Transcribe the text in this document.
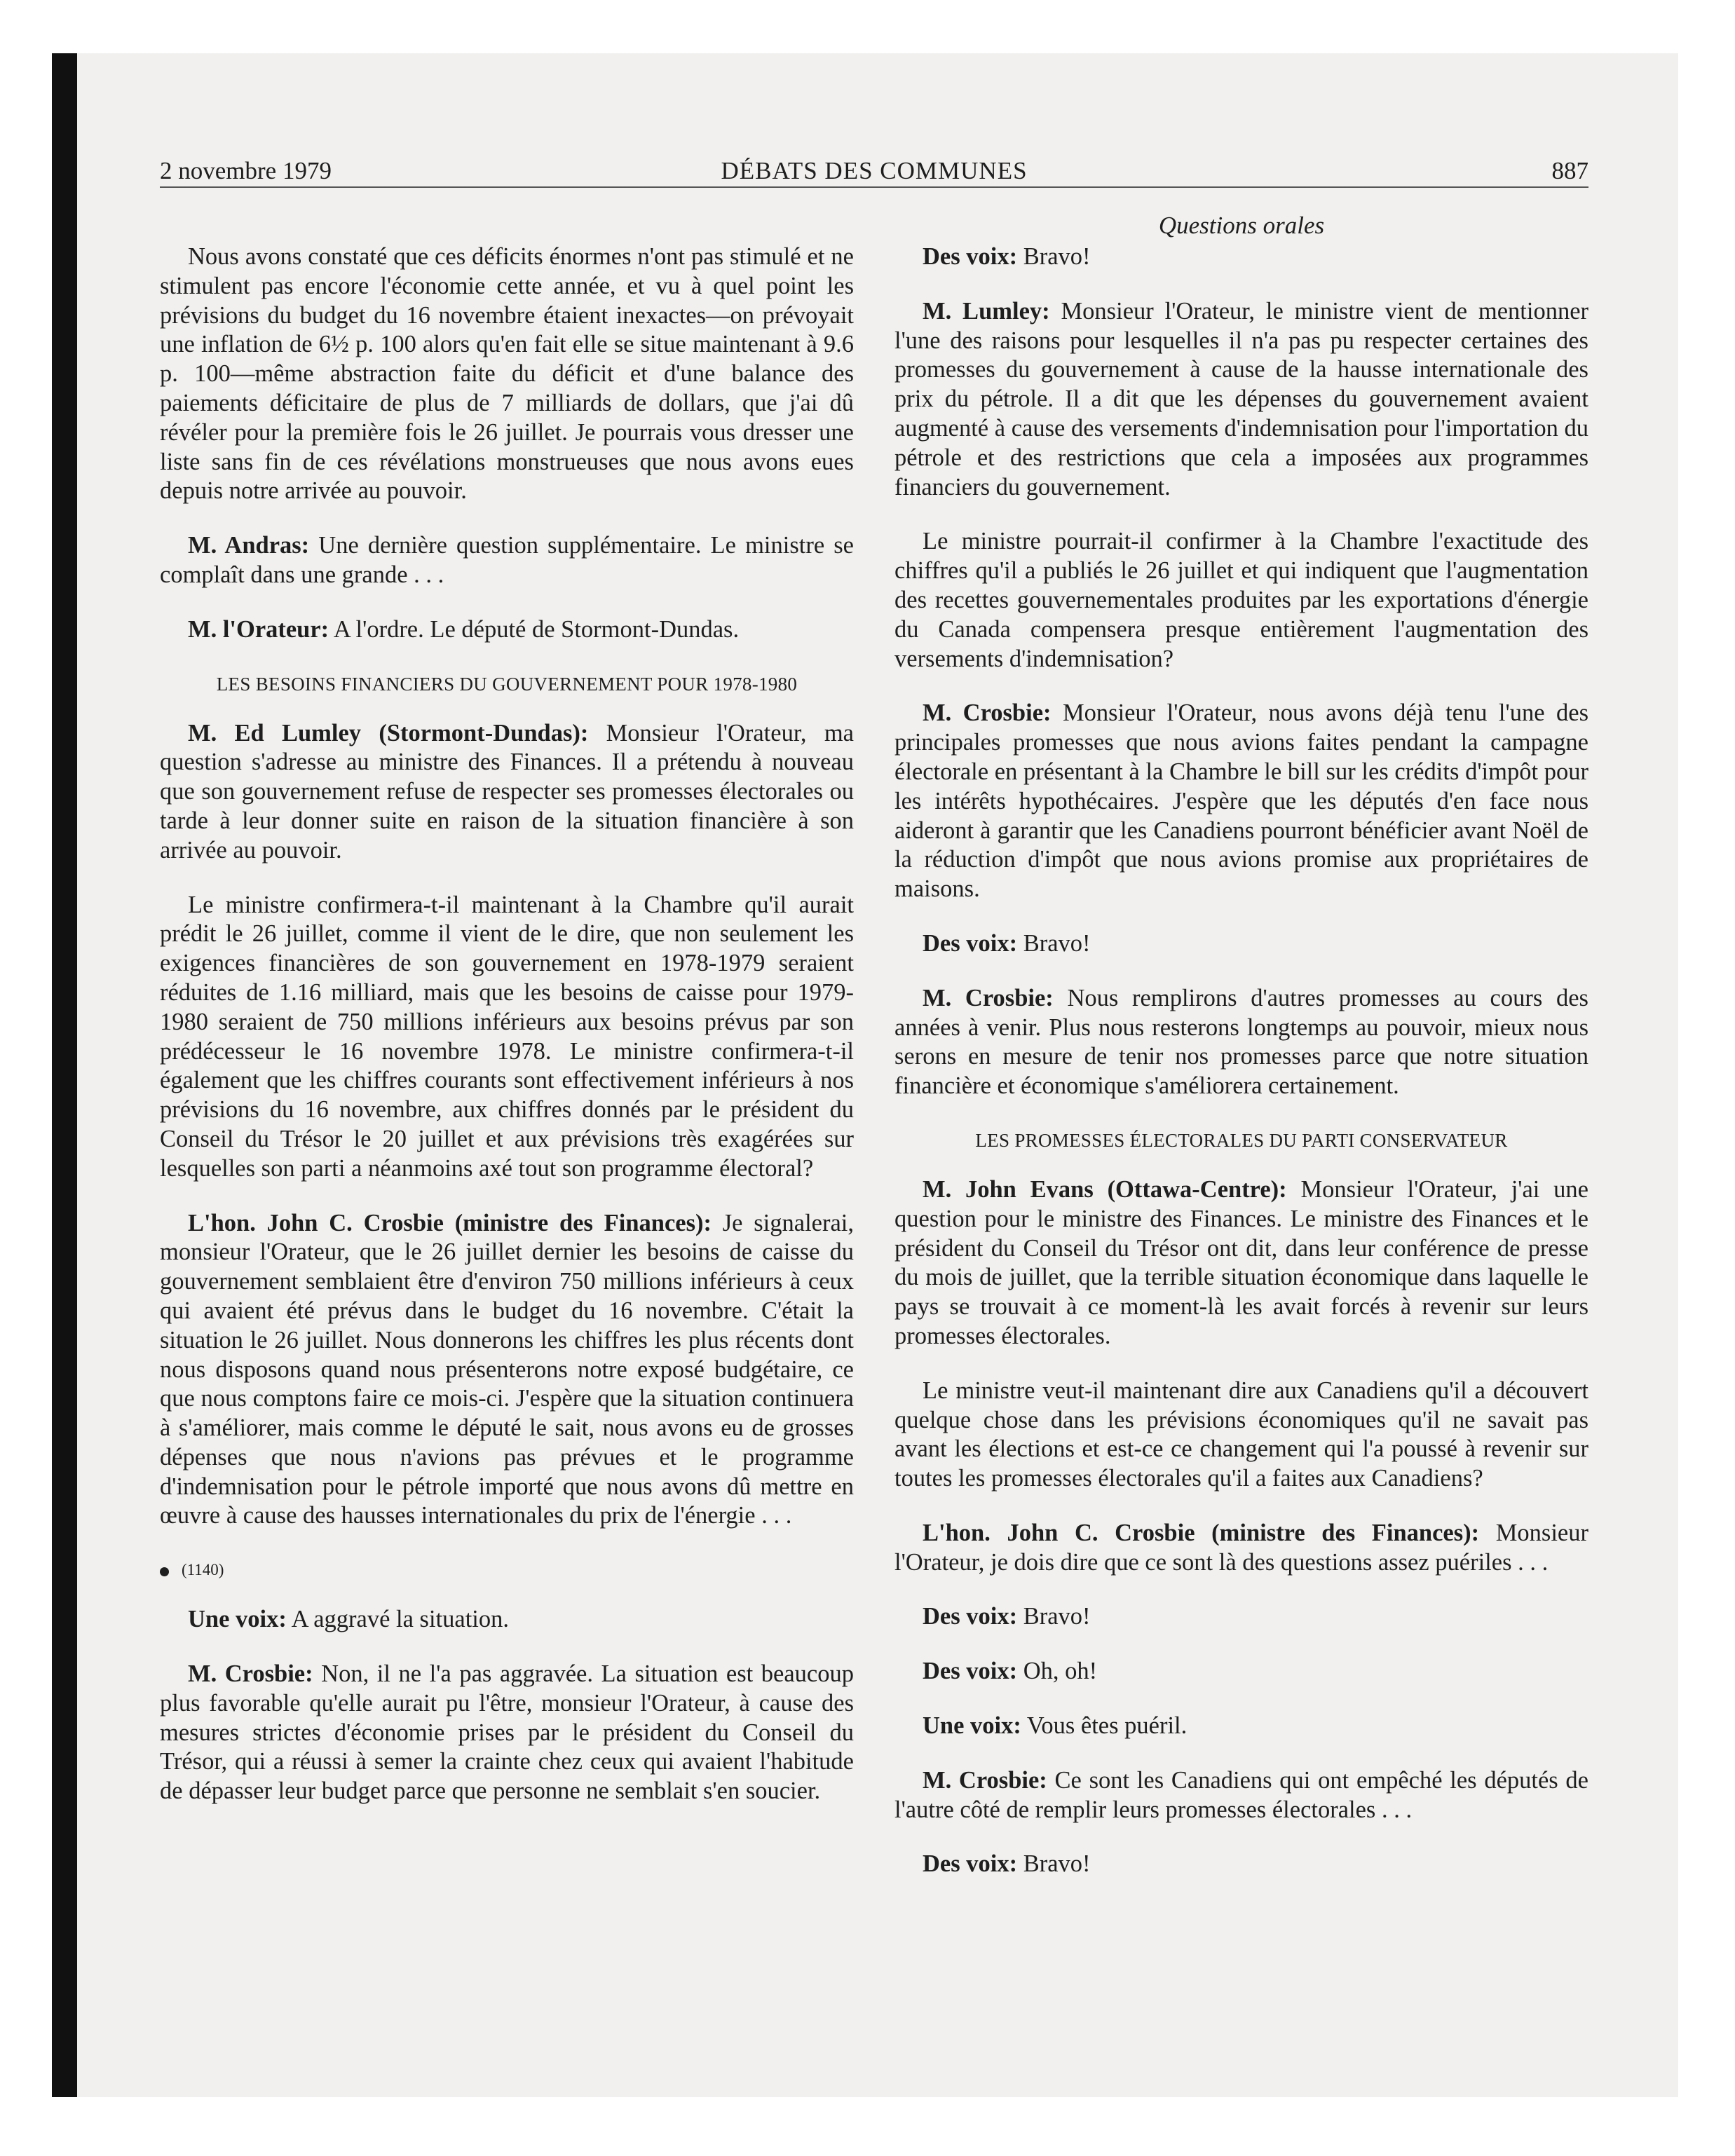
2 novembre 1979	DÉBATS DES COMMUNES	887
Questions orales

Nous avons constaté que ces déficits énormes n'ont pas stimulé et ne stimulent pas encore l'économie cette année, et vu à quel point les prévisions du budget du 16 novembre étaient inexactes—on prévoyait une inflation de 6½ p. 100 alors qu'en fait elle se situe maintenant à 9.6 p. 100—même abstraction faite du déficit et d'une balance des paiements déficitaire de plus de 7 milliards de dollars, que j'ai dû révéler pour la première fois le 26 juillet. Je pourrais vous dresser une liste sans fin de ces révélations monstrueuses que nous avons eues depuis notre arrivée au pouvoir.

M. Andras: Une dernière question supplémentaire. Le ministre se complaît dans une grande . . .

M. l'Orateur: A l'ordre. Le député de Stormont-Dundas.

LES BESOINS FINANCIERS DU GOUVERNEMENT POUR 1978-1980

M. Ed Lumley (Stormont-Dundas): Monsieur l'Orateur, ma question s'adresse au ministre des Finances. Il a prétendu à nouveau que son gouvernement refuse de respecter ses promesses électorales ou tarde à leur donner suite en raison de la situation financière à son arrivée au pouvoir.

Le ministre confirmera-t-il maintenant à la Chambre qu'il aurait prédit le 26 juillet, comme il vient de le dire, que non seulement les exigences financières de son gouvernement en 1978-1979 seraient réduites de 1.16 milliard, mais que les besoins de caisse pour 1979-1980 seraient de 750 millions inférieurs aux besoins prévus par son prédécesseur le 16 novembre 1978. Le ministre confirmera-t-il également que les chiffres courants sont effectivement inférieurs à nos prévisions du 16 novembre, aux chiffres donnés par le président du Conseil du Trésor le 20 juillet et aux prévisions très exagérées sur lesquelles son parti a néanmoins axé tout son programme électoral?

L'hon. John C. Crosbie (ministre des Finances): Je signalerai, monsieur l'Orateur, que le 26 juillet dernier les besoins de caisse du gouvernement semblaient être d'environ 750 millions inférieurs à ceux qui avaient été prévus dans le budget du 16 novembre. C'était la situation le 26 juillet. Nous donnerons les chiffres les plus récents dont nous disposons quand nous présenterons notre exposé budgétaire, ce que nous comptons faire ce mois-ci. J'espère que la situation continuera à s'améliorer, mais comme le député le sait, nous avons eu de grosses dépenses que nous n'avions pas prévues et le programme d'indemnisation pour le pétrole importé que nous avons dû mettre en œuvre à cause des hausses internationales du prix de l'énergie . . .

(1140)

Une voix: A aggravé la situation.

M. Crosbie: Non, il ne l'a pas aggravée. La situation est beaucoup plus favorable qu'elle aurait pu l'être, monsieur l'Orateur, à cause des mesures strictes d'économie prises par le président du Conseil du Trésor, qui a réussi à semer la crainte chez ceux qui avaient l'habitude de dépasser leur budget parce que personne ne semblait s'en soucier.

Des voix: Bravo!

M. Lumley: Monsieur l'Orateur, le ministre vient de mentionner l'une des raisons pour lesquelles il n'a pas pu respecter certaines des promesses du gouvernement à cause de la hausse internationale des prix du pétrole. Il a dit que les dépenses du gouvernement avaient augmenté à cause des versements d'indemnisation pour l'importation du pétrole et des restrictions que cela a imposées aux programmes financiers du gouvernement.

Le ministre pourrait-il confirmer à la Chambre l'exactitude des chiffres qu'il a publiés le 26 juillet et qui indiquent que l'augmentation des recettes gouvernementales produites par les exportations d'énergie du Canada compensera presque entièrement l'augmentation des versements d'indemnisation?

M. Crosbie: Monsieur l'Orateur, nous avons déjà tenu l'une des principales promesses que nous avions faites pendant la campagne électorale en présentant à la Chambre le bill sur les crédits d'impôt pour les intérêts hypothécaires. J'espère que les députés d'en face nous aideront à garantir que les Canadiens pourront bénéficier avant Noël de la réduction d'impôt que nous avions promise aux propriétaires de maisons.

Des voix: Bravo!

M. Crosbie: Nous remplirons d'autres promesses au cours des années à venir. Plus nous resterons longtemps au pouvoir, mieux nous serons en mesure de tenir nos promesses parce que notre situation financière et économique s'améliorera certainement.

LES PROMESSES ÉLECTORALES DU PARTI CONSERVATEUR

M. John Evans (Ottawa-Centre): Monsieur l'Orateur, j'ai une question pour le ministre des Finances. Le ministre des Finances et le président du Conseil du Trésor ont dit, dans leur conférence de presse du mois de juillet, que la terrible situation économique dans laquelle le pays se trouvait à ce moment-là les avait forcés à revenir sur leurs promesses électorales.

Le ministre veut-il maintenant dire aux Canadiens qu'il a découvert quelque chose dans les prévisions économiques qu'il ne savait pas avant les élections et est-ce ce changement qui l'a poussé à revenir sur toutes les promesses électorales qu'il a faites aux Canadiens?

L'hon. John C. Crosbie (ministre des Finances): Monsieur l'Orateur, je dois dire que ce sont là des questions assez puériles . . .

Des voix: Bravo!

Des voix: Oh, oh!

Une voix: Vous êtes puéril.

M. Crosbie: Ce sont les Canadiens qui ont empêché les députés de l'autre côté de remplir leurs promesses électorales . . .

Des voix: Bravo!
